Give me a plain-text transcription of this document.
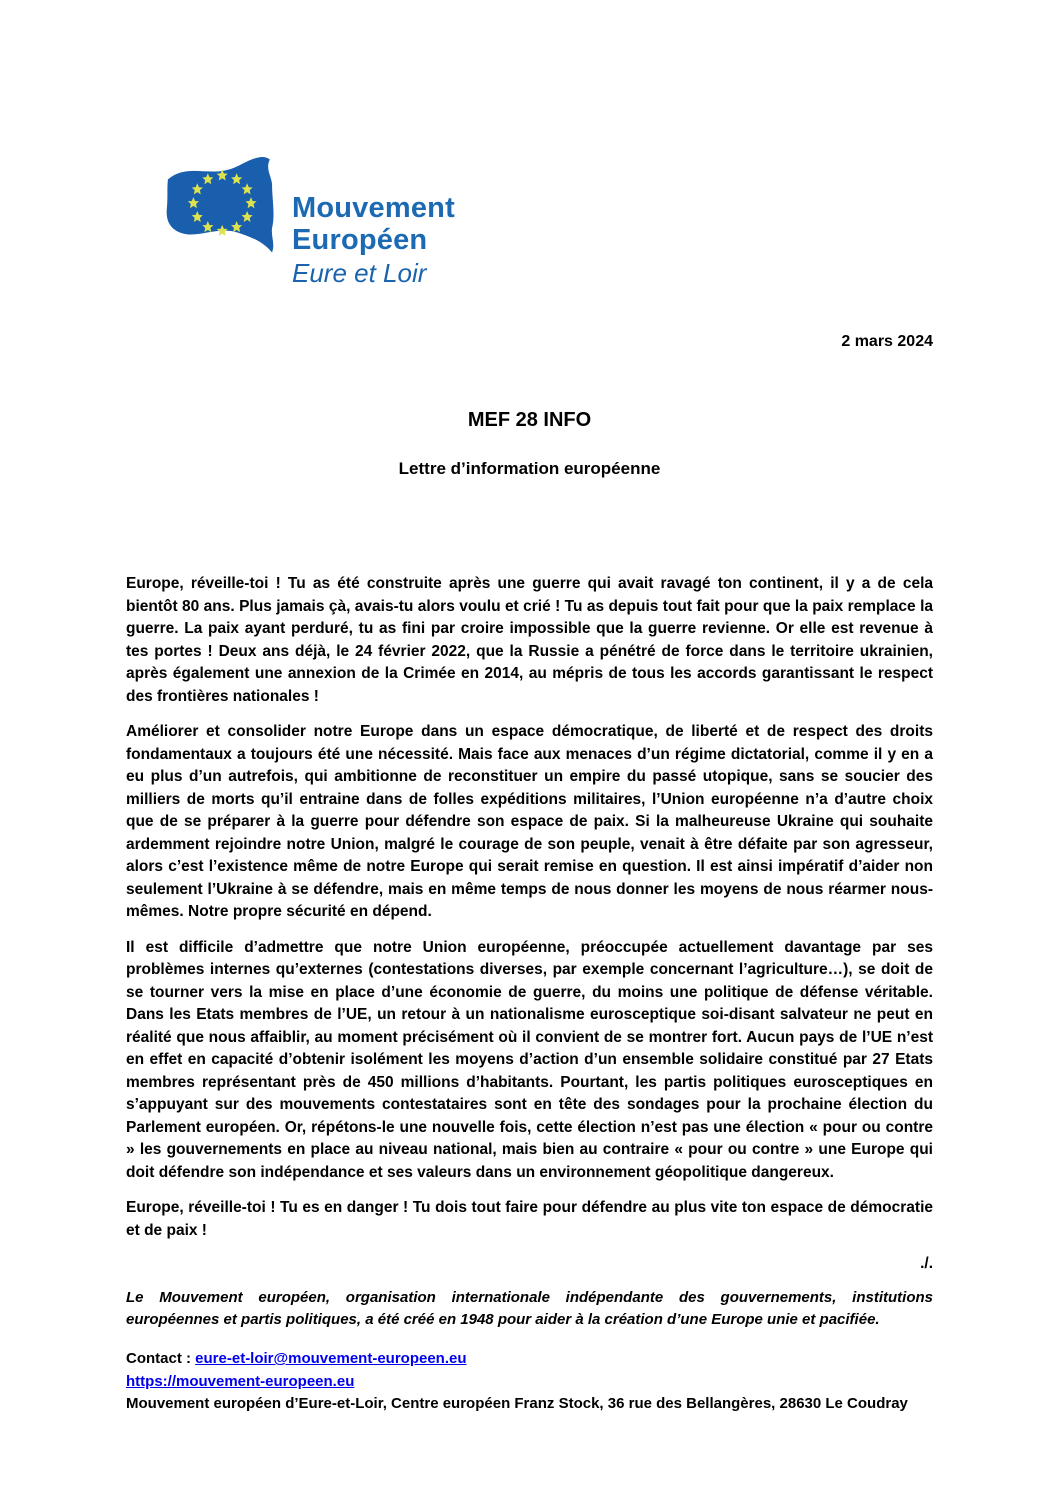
Mouvement
Européen
Eure et Loir
2 mars 2024
MEF 28 INFO
Lettre d’information européenne

Europe, réveille-toi ! Tu as été construite après une guerre qui avait ravagé ton continent, il y a de cela bientôt 80 ans. Plus jamais çà, avais-tu alors voulu et crié ! Tu as depuis tout fait pour que la paix remplace la guerre. La paix ayant perduré, tu as fini par croire impossible que la guerre revienne. Or elle est revenue à tes portes ! Deux ans déjà, le 24 février 2022, que la Russie a pénétré de force dans le territoire ukrainien, après également une annexion de la Crimée en 2014, au mépris de tous les accords garantissant le respect des frontières nationales !

Améliorer et consolider notre Europe dans un espace démocratique, de liberté et de respect des droits fondamentaux a toujours été une nécessité. Mais face aux menaces d’un régime dictatorial, comme il y en a eu plus d’un autrefois, qui ambitionne de reconstituer un empire du passé utopique, sans se soucier des milliers de morts qu’il entraine dans de folles expéditions militaires, l’Union européenne n’a d’autre choix que de se préparer à la guerre pour défendre son espace de paix. Si la malheureuse Ukraine qui souhaite ardemment rejoindre notre Union, malgré le courage de son peuple, venait à être défaite par son agresseur, alors c’est l’existence même de notre Europe qui serait remise en question. Il est ainsi impératif d’aider non seulement l’Ukraine à se défendre, mais en même temps de nous donner les moyens de nous réarmer nous-mêmes. Notre propre sécurité en dépend.

Il est difficile d’admettre que notre Union européenne, préoccupée actuellement davantage par ses problèmes internes qu’externes (contestations diverses, par exemple concernant l’agriculture…), se doit de se tourner vers la mise en place d’une économie de guerre, du moins une politique de défense véritable. Dans les Etats membres de l’UE, un retour à un nationalisme eurosceptique soi-disant salvateur ne peut en réalité que nous affaiblir, au moment précisément où il convient de se montrer fort. Aucun pays de l’UE n’est en effet en capacité d’obtenir isolément les moyens d’action d’un ensemble solidaire constitué par 27 Etats membres représentant près de 450 millions d’habitants. Pourtant, les partis politiques eurosceptiques en s’appuyant sur des mouvements contestataires sont en tête des sondages pour la prochaine élection du Parlement européen. Or, répétons-le une nouvelle fois, cette élection n’est pas une élection « pour ou contre » les gouvernements en place au niveau national, mais bien au contraire « pour ou contre » une Europe qui doit défendre son indépendance et ses valeurs dans un environnement géopolitique dangereux.

Europe, réveille-toi ! Tu es en danger ! Tu dois tout faire pour défendre au plus vite ton espace de démocratie et de paix !

./.
Le Mouvement européen, organisation internationale indépendante des gouvernements, institutions européennes et partis politiques, a été créé en 1948 pour aider à la création d’une Europe unie et pacifiée.
Contact : eure-et-loir@mouvement-europeen.eu
https://mouvement-europeen.eu
Mouvement européen d’Eure-et-Loir, Centre européen Franz Stock, 36 rue des Bellangères, 28630 Le Coudray
